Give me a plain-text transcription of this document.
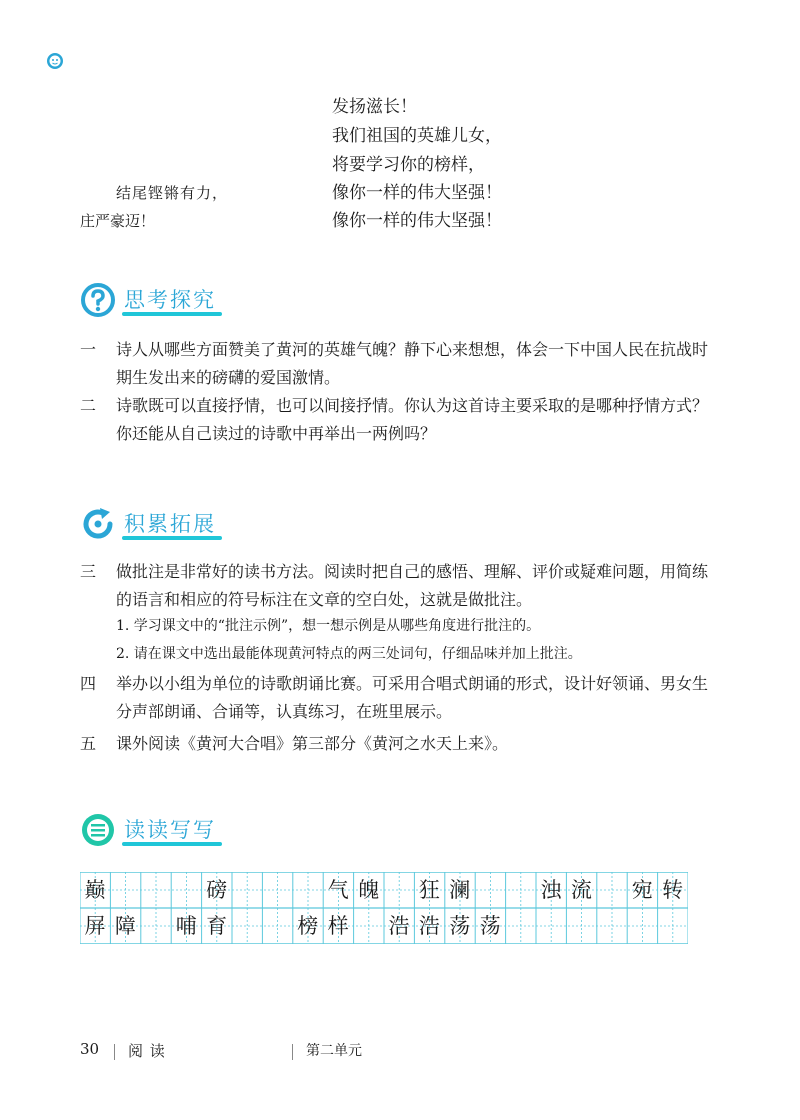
发扬滋长！
我们祖国的英雄儿女，
将要学习你的榜样，
像你一样的伟大坚强！
像你一样的伟大坚强！
结尾铿锵有力，
庄严豪迈！
思考探究
一	诗人从哪些方面赞美了黄河的英雄气魄？静下心来想想，体会一下中国人民在抗战时期生发出来的磅礴的爱国激情。
二	诗歌既可以直接抒情，也可以间接抒情。你认为这首诗主要采取的是哪种抒情方式？你还能从自己读过的诗歌中再举出一两例吗？
积累拓展
三	做批注是非常好的读书方法。阅读时把自己的感悟、理解、评价或疑难问题，用简练的语言和相应的符号标注在文章的空白处，这就是做批注。
1. 学习课文中的“批注示例”，想一想示例是从哪些角度进行批注的。
2. 请在课文中选出最能体现黄河特点的两三处词句，仔细品味并加上批注。
四	举办以小组为单位的诗歌朗诵比赛。可采用合唱式朗诵的形式，设计好领诵、男女生分声部朗诵、合诵等，认真练习，在班里展示。
五	课外阅读《黄河大合唱》第三部分《黄河之水天上来》。
读读写写
巅	磅	气 魄	狂 澜	浊 流	宛 转
屏 障	哺 育	榜 样	浩 浩 荡 荡
30 阅 读	第二单元
